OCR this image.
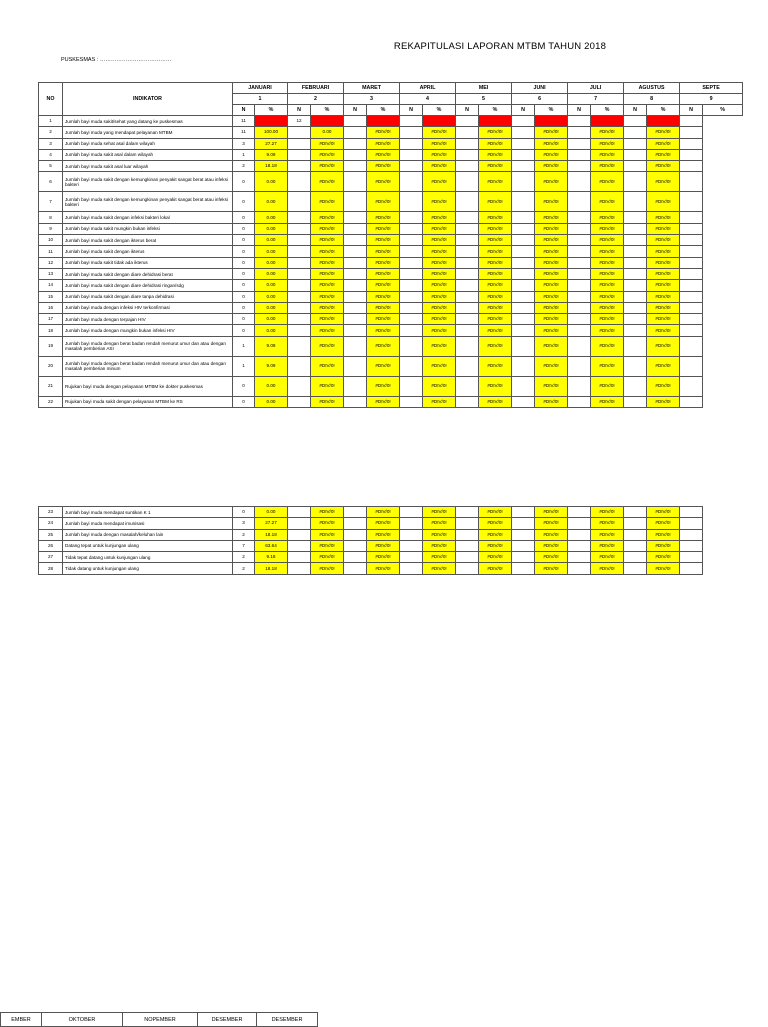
REKAPITULASI LAPORAN MTBM TAHUN 2018
PUSKESMAS : …………………………………
NO	INDIKATOR	JANUARI		FEBRUARI		MARET		APRIL		MEI		JUNI		JULI		AGUSTUS		SEPTE	
		1		2		3		4		5		6		7		8		9	
		N	%	N	%	N	%	N	%	N	%	N	%	N	%	N	%	N	%
1	Jumlah bayi muda sakit/sehat yang datang ke puskesmas	11		12															
2	Jumlah bayi muda yang mendapat pelayanan MTBM	11	100.00		0.00		#DIV/0!		#DIV/0!		#DIV/0!		#DIV/0!		#DIV/0!		#DIV/0!		
3	Jumlah bayi muda sehat asal dalam wilayah	3	27.27		#DIV/0!		#DIV/0!		#DIV/0!		#DIV/0!		#DIV/0!		#DIV/0!		#DIV/0!		
4	Jumlah bayi muda sakit asal dalam wilayah	1	9.09		#DIV/0!		#DIV/0!		#DIV/0!		#DIV/0!		#DIV/0!		#DIV/0!		#DIV/0!		
5	Jumlah bayi muda sakit asal luar wilayah	2	18.18		#DIV/0!		#DIV/0!		#DIV/0!		#DIV/0!		#DIV/0!		#DIV/0!		#DIV/0!		
6	Jumlah bayi muda sakit dengan kemungkinan penyakit sangat berat atau infeksi bakteri	0	0.00		#DIV/0!		#DIV/0!		#DIV/0!		#DIV/0!		#DIV/0!		#DIV/0!		#DIV/0!		
7	Jumlah bayi muda sakit dengan kemungkinan penyakit sangat berat atau infeksi bakteri	0	0.00		#DIV/0!		#DIV/0!		#DIV/0!		#DIV/0!		#DIV/0!		#DIV/0!		#DIV/0!		
8	Jumlah bayi muda sakit dengan infeksi bakteri lokal	0	0.00		#DIV/0!		#DIV/0!		#DIV/0!		#DIV/0!		#DIV/0!		#DIV/0!		#DIV/0!		
9	Jumlah bayi muda sakit mungkin bukan infeksi	0	0.00		#DIV/0!		#DIV/0!		#DIV/0!		#DIV/0!		#DIV/0!		#DIV/0!		#DIV/0!		
10	Jumlah bayi muda sakit dengan ikterus berat	0	0.00		#DIV/0!		#DIV/0!		#DIV/0!		#DIV/0!		#DIV/0!		#DIV/0!		#DIV/0!		
11	Jumlah bayi muda sakit dengan ikterus	0	0.00		#DIV/0!		#DIV/0!		#DIV/0!		#DIV/0!		#DIV/0!		#DIV/0!		#DIV/0!		
12	Jumlah bayi muda sakit tidak ada ikterus	0	0.00		#DIV/0!		#DIV/0!		#DIV/0!		#DIV/0!		#DIV/0!		#DIV/0!		#DIV/0!		
13	Jumlah bayi muda sakit dengan diare dehidrasi berat	0	0.00		#DIV/0!		#DIV/0!		#DIV/0!		#DIV/0!		#DIV/0!		#DIV/0!		#DIV/0!		
14	Jumlah bayi muda sakit dengan diare dehidrasi ringan/sdg	0	0.00		#DIV/0!		#DIV/0!		#DIV/0!		#DIV/0!		#DIV/0!		#DIV/0!		#DIV/0!		
15	Jumlah bayi muda sakit dengan diare tanpa dehidrasi	0	0.00		#DIV/0!		#DIV/0!		#DIV/0!		#DIV/0!		#DIV/0!		#DIV/0!		#DIV/0!		
16	Jumlah bayi muda dengan infeksi HIV terkonfirmasi	0	0.00		#DIV/0!		#DIV/0!		#DIV/0!		#DIV/0!		#DIV/0!		#DIV/0!		#DIV/0!		
17	Jumlah bayi muda dengan terpajan HIV	0	0.00		#DIV/0!		#DIV/0!		#DIV/0!		#DIV/0!		#DIV/0!		#DIV/0!		#DIV/0!		
18	Jumlah bayi muda dengan mungkin bukan infeksi HIV	0	0.00		#DIV/0!		#DIV/0!		#DIV/0!		#DIV/0!		#DIV/0!		#DIV/0!		#DIV/0!		
19	Jumlah bayi muda dengan berat badan rendah menurut umur dan atau dengan masalah pemberian ASI	1	9.09		#DIV/0!		#DIV/0!		#DIV/0!		#DIV/0!		#DIV/0!		#DIV/0!		#DIV/0!		
20	Jumlah bayi muda dengan berat badan rendah menurut umur dan atau dengan masalah pemberian minum	1	9.09		#DIV/0!		#DIV/0!		#DIV/0!		#DIV/0!		#DIV/0!		#DIV/0!		#DIV/0!		
21	Rujukan bayi muda dengan pelayanan MTBM ke dokter puskesmas	0	0.00		#DIV/0!		#DIV/0!		#DIV/0!		#DIV/0!		#DIV/0!		#DIV/0!		#DIV/0!		
22	Rujukan bayi muda sakit dengan pelayanan MTBM ke RS	0	0.00		#DIV/0!		#DIV/0!		#DIV/0!		#DIV/0!		#DIV/0!		#DIV/0!		#DIV/0!		
23	Jumlah bayi muda mendapat suntikan K 1	0	0.00		#DIV/0!		#DIV/0!		#DIV/0!		#DIV/0!		#DIV/0!		#DIV/0!		#DIV/0!	
24	Jumlah bayi muda mendapat imunisasi	3	27.27		#DIV/0!		#DIV/0!		#DIV/0!		#DIV/0!		#DIV/0!		#DIV/0!		#DIV/0!	
25	Jumlah bayi muda dengan masalah/keluhan lain	2	18.18		#DIV/0!		#DIV/0!		#DIV/0!		#DIV/0!		#DIV/0!		#DIV/0!		#DIV/0!	
26	Datang tepat untuk kunjungan ulang	7	63.64		#DIV/0!		#DIV/0!		#DIV/0!		#DIV/0!		#DIV/0!		#DIV/0!		#DIV/0!	
27	Tidak tepat datang untuk kunjungan ulang	2	9.18		#DIV/0!		#DIV/0!		#DIV/0!		#DIV/0!		#DIV/0!		#DIV/0!		#DIV/0!	
28	Tidak datang untuk kunjungan ulang	2	18.18		#DIV/0!		#DIV/0!		#DIV/0!		#DIV/0!		#DIV/0!		#DIV/0!		#DIV/0!	
EMBER	OKTOBER	NOPEMBER	DESEMBER	DESEMBER
